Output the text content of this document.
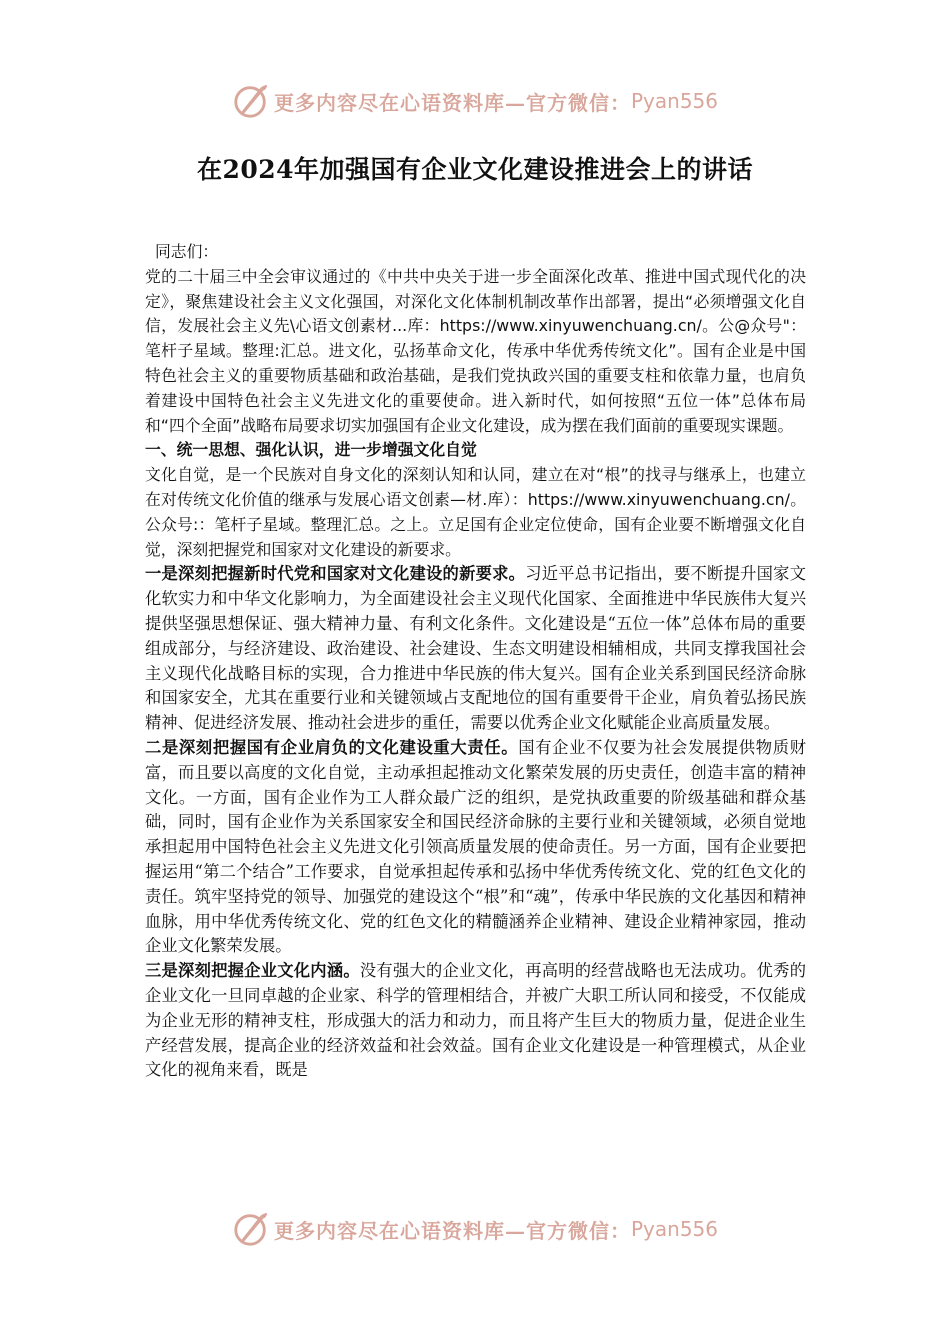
更多内容尽在心语资料库—官方微信： Pyan556
在2024年加强国有企业文化建设推进会上的讲话

同志们：

党的二十届三中全会审议通过的《中共中央关于进一步全面深化改革、推进中国式现代化的决定》，聚焦建设社会主义文化强国，对深化文化体制机制改革作出部署，提出“必须增强文化自信，发展社会主义先\心语文创素材...库：https://www.xinyuwenchuang.cn/。公@众号"：笔杆子星域。整理:汇总。进文化，弘扬革命文化，传承中华优秀传统文化”。国有企业是中国特色社会主义的重要物质基础和政治基础，是我们党执政兴国的重要支柱和依靠力量，也肩负着建设中国特色社会主义先进文化的重要使命。进入新时代，如何按照“五位一体”总体布局和“四个全面”战略布局要求切实加强国有企业文化建设，成为摆在我们面前的重要现实课题。

一、统一思想、强化认识，进一步增强文化自觉

文化自觉，是一个民族对自身文化的深刻认知和认同，建立在对“根”的找寻与继承上，也建立在对传统文化价值的继承与发展心语文创素—材.库）：https://www.xinyuwenchuang.cn/。公众号:：笔杆子星域。整理汇总。之上。立足国有企业定位使命，国有企业要不断增强文化自觉，深刻把握党和国家对文化建设的新要求。

一是深刻把握新时代党和国家对文化建设的新要求。习近平总书记指出，要不断提升国家文化软实力和中华文化影响力，为全面建设社会主义现代化国家、全面推进中华民族伟大复兴提供坚强思想保证、强大精神力量、有利文化条件。文化建设是“五位一体”总体布局的重要组成部分，与经济建设、政治建设、社会建设、生态文明建设相辅相成，共同支撑我国社会主义现代化战略目标的实现，合力推进中华民族的伟大复兴。国有企业关系到国民经济命脉和国家安全，尤其在重要行业和关键领域占支配地位的国有重要骨干企业，肩负着弘扬民族精神、促进经济发展、推动社会进步的重任，需要以优秀企业文化赋能企业高质量发展。

二是深刻把握国有企业肩负的文化建设重大责任。国有企业不仅要为社会发展提供物质财富，而且要以高度的文化自觉，主动承担起推动文化繁荣发展的历史责任，创造丰富的精神文化。一方面，国有企业作为工人群众最广泛的组织，是党执政重要的阶级基础和群众基础，同时，国有企业作为关系国家安全和国民经济命脉的主要行业和关键领域，必须自觉地承担起用中国特色社会主义先进文化引领高质量发展的使命责任。另一方面，国有企业要把握运用“第二个结合”工作要求，自觉承担起传承和弘扬中华优秀传统文化、党的红色文化的责任。筑牢坚持党的领导、加强党的建设这个“根”和“魂”，传承中华民族的文化基因和精神血脉，用中华优秀传统文化、党的红色文化的精髓涵养企业精神、建设企业精神家园，推动企业文化繁荣发展。

三是深刻把握企业文化内涵。没有强大的企业文化，再高明的经营战略也无法成功。优秀的企业文化一旦同卓越的企业家、科学的管理相结合，并被广大职工所认同和接受，不仅能成为企业无形的精神支柱，形成强大的活力和动力，而且将产生巨大的物质力量，促进企业生产经营发展，提高企业的经济效益和社会效益。国有企业文化建设是一种管理模式，从企业文化的视角来看，既是

更多内容尽在心语资料库—官方微信： Pyan556
